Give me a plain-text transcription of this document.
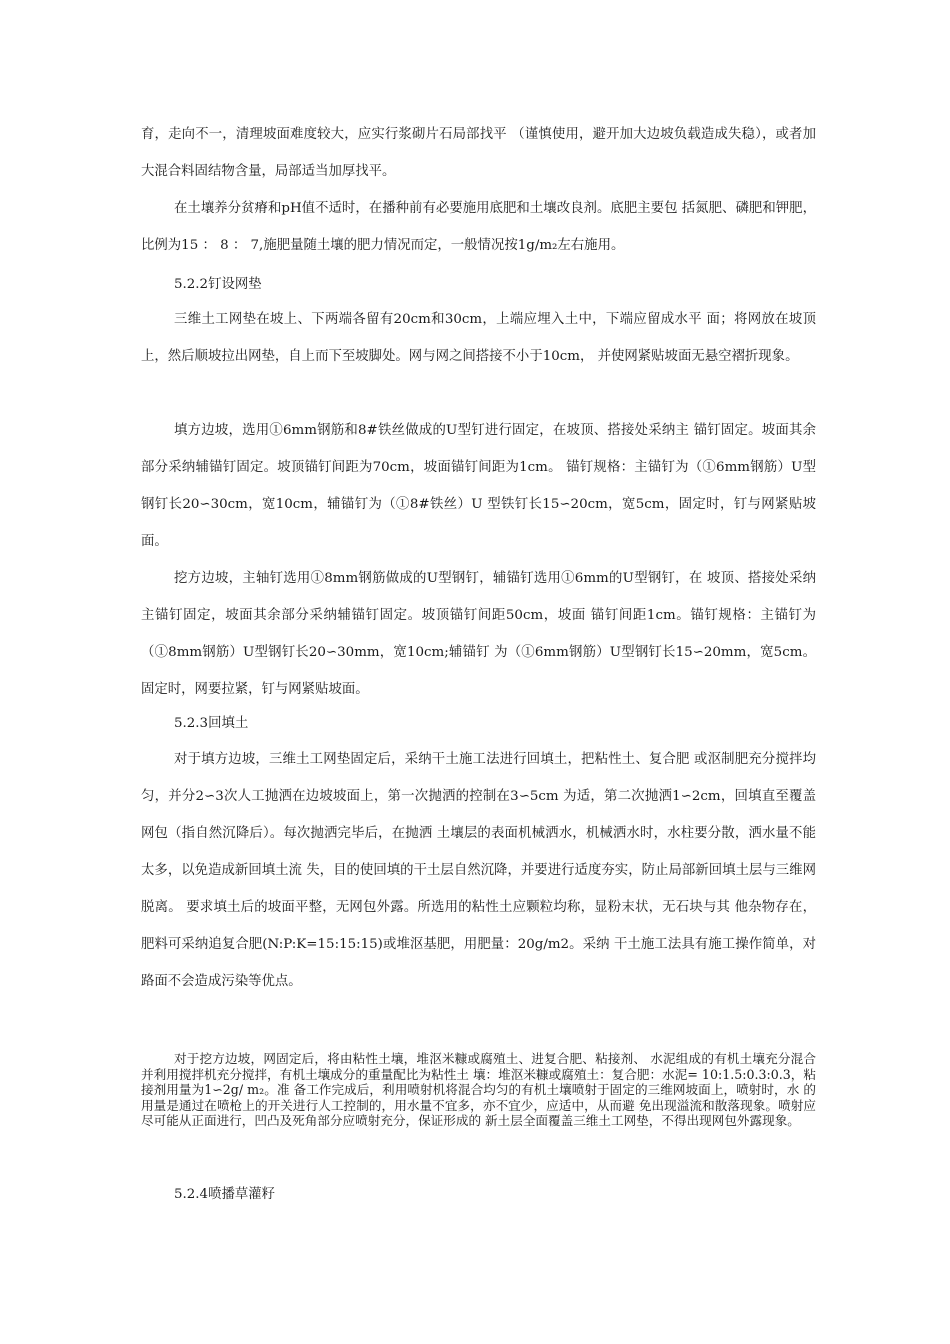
育，走向不一，清理坡面难度较大，应实行浆砌片石局部找平 （谨慎使用，避开加大边坡负载造成失稳），或者加大混合料固结物含量，局部适当加厚找平。

在土壤养分贫瘠和pH值不适时，在播种前有必要施用底肥和土壤改良剂。底肥主要包 括氮肥、磷肥和钾肥，比例为15 ： 8 ： 7,施肥量随土壤的肥力情况而定，一般情况按1g/m₂左右施用。

5.2.2钉设网垫

三维土工网垫在坡上、下两端各留有20cm和30cm，上端应埋入土中，下端应留成水平 面；将网放在坡顶上，然后顺坡拉出网垫，自上而下至坡脚处。网与网之间搭接不小于10cm， 并使网紧贴坡面无悬空褶折现象。

填方边坡，选用①6mm钢筋和8#铁丝做成的U型钉进行固定，在坡顶、搭接处采纳主 锚钉固定。坡面其余部分采纳辅锚钉固定。坡顶锚钉间距为70cm，坡面锚钉间距为1cm。 锚钉规格：主锚钉为（①6mm钢筋）U型钢钉长20∽30cm，宽10cm，辅锚钉为（①8#铁丝）U 型铁钉长15∽20cm，宽5cm，固定时，钉与网紧贴坡面。

挖方边坡，主轴钉选用①8mm钢筋做成的U型钢钉，辅锚钉选用①6mm的U型钢钉，在 坡顶、搭接处采纳主锚钉固定，坡面其余部分采纳辅锚钉固定。坡顶锚钉间距50cm，坡面 锚钉间距1cm。锚钉规格：主锚钉为（①8mm钢筋）U型钢钉长20∽30mm，宽10cm;辅锚钉 为（①6mm钢筋）U型钢钉长15∽20mm，宽5cm。固定时，网要拉紧，钉与网紧贴坡面。

5.2.3回填土

对于填方边坡，三维土工网垫固定后，采纳干土施工法进行回填土，把粘性土、复合肥 或沤制肥充分搅拌均匀，并分2∽3次人工抛洒在边坡坡面上，第一次抛洒的控制在3∽5cm 为适，第二次抛洒1∽2cm，回填直至覆盖网包（指自然沉降后）。每次抛洒完毕后，在抛洒 土壤层的表面机械洒水，机械洒水时，水柱要分散，洒水量不能太多，以免造成新回填土流 失，目的使回填的干土层自然沉降，并要进行适度夯实，防止局部新回填土层与三维网脱离。 要求填土后的坡面平整，无网包外露。所选用的粘性土应颗粒均称，显粉末状，无石块与其 他杂物存在，肥料可采纳追复合肥(N:P:K=15:15:15)或堆沤基肥，用肥量：20g/m2。采纳 干土施工法具有施工操作简单，对路面不会造成污染等优点。

对于挖方边坡，网固定后，将由粘性土壤，堆沤米糠或腐殖土、进复合肥、粘接剂、 水泥组成的有机土壤充分混合并利用搅拌机充分搅拌，有机土壤成分的重量配比为粘性土 壤：堆沤米糠或腐殖土：复合肥：水泥= 10:1.5:0.3:0.3，粘接剂用量为1∽2g/ m₂。准 备工作完成后，利用喷射机将混合均匀的有机土壤喷射于固定的三维网坡面上，喷射时，水 的用量是通过在喷枪上的开关进行人工控制的，用水量不宜多，亦不宜少，应适中，从而避 免出现溢流和散落现象。喷射应尽可能从正面进行，凹凸及死角部分应喷射充分，保证形成的 新土层全面覆盖三维土工网垫，不得出现网包外露现象。

5.2.4喷播草灌籽
